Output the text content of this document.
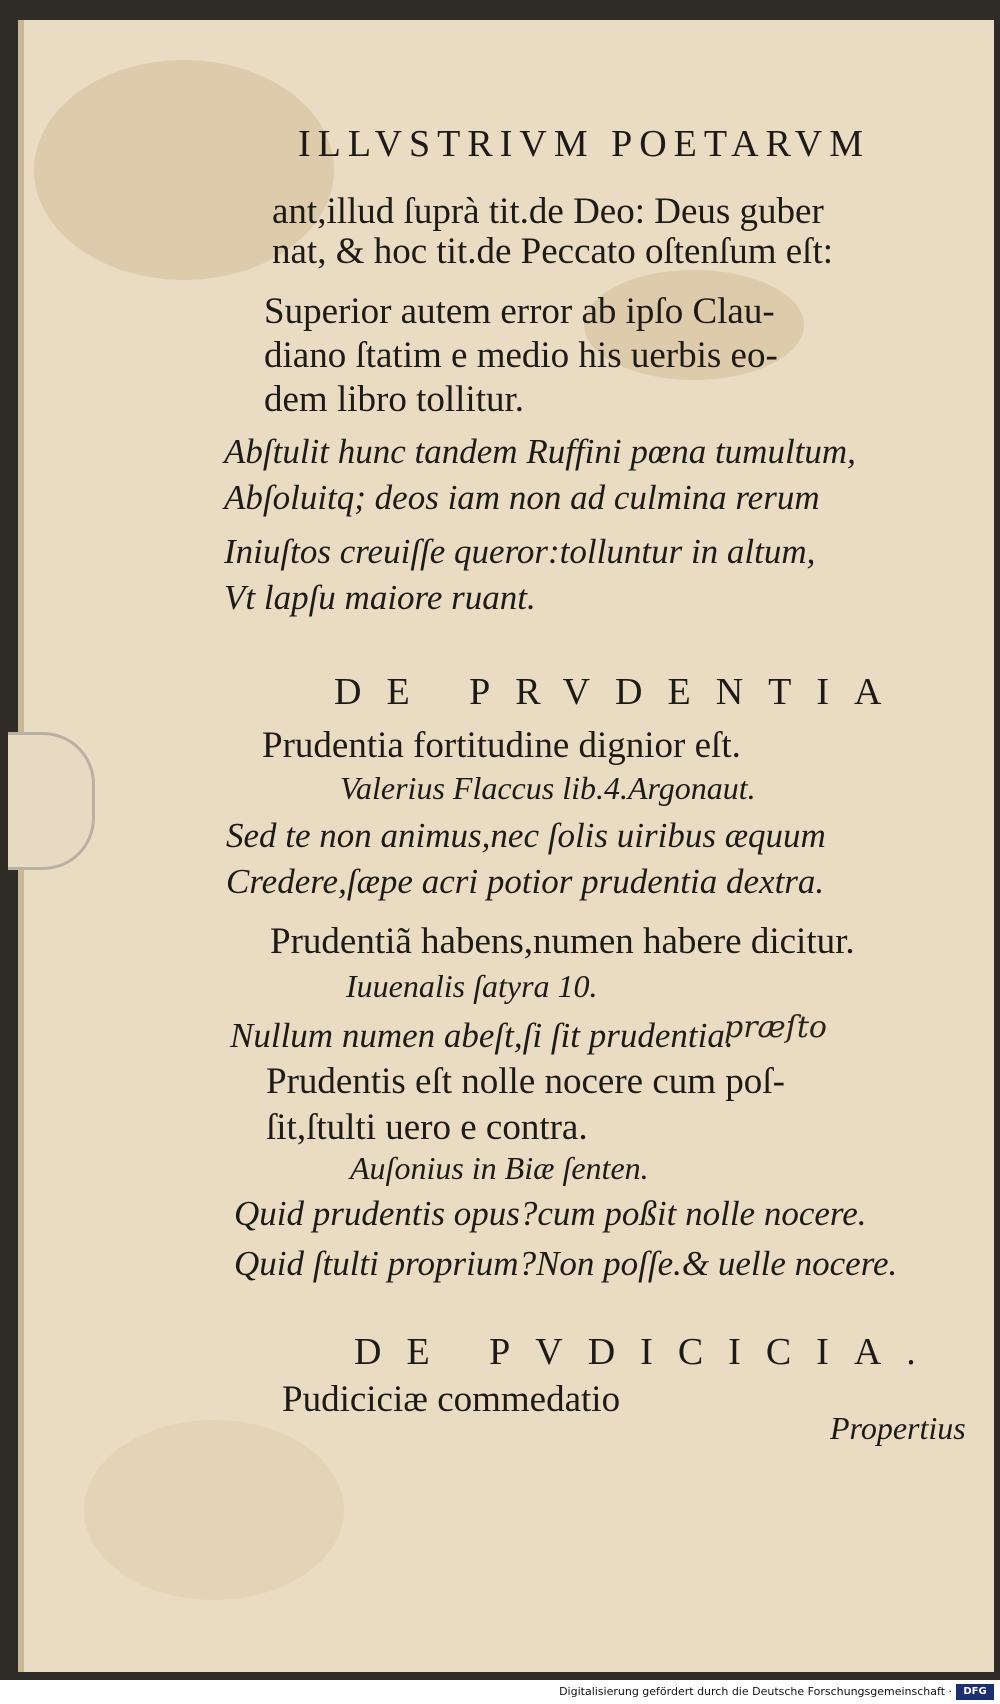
ILLVSTRIVM POETARVM
ant,illud ſuprà tit.de Deo: Deus guber
nat, & hoc tit.de Peccato oſtenſum eſt:
Superior autem error ab ipſo Clau-
diano ſtatim e medio his uerbis eo-
dem libro tollitur.
Abſtulit hunc tandem Ruffini pœna tumultum,
Abſoluitq; deos iam non ad culmina rerum
Iniuſtos creuiſſe queror:tolluntur in altum,
Vt lapſu maiore ruant.
DE PRVDENTIA
Prudentia fortitudine dignior eſt.
Valerius Flaccus lib.4.Argonaut.
Sed te non animus,nec ſolis uiribus æquum
Credere,ſæpe acri potior prudentia dextra.
Prudentiã habens,numen habere dicitur.
Iuuenalis ſatyra 10.
Nullum numen abeſt,ſi ſit prudentia.
præſto
Prudentis eſt nolle nocere cum poſ-
ſit,ſtulti uero e contra.
Auſonius in Biæ ſenten.
Quid prudentis opus?cum poßit nolle nocere.
Quid ſtulti proprium?Non poſſe.& uelle nocere.
DE PVDICICIA.
Pudiciciæ commedatio
Propertius
Digitalisierung gefördert durch die Deutsche Forschungsgemeinschaft ·	DFG
